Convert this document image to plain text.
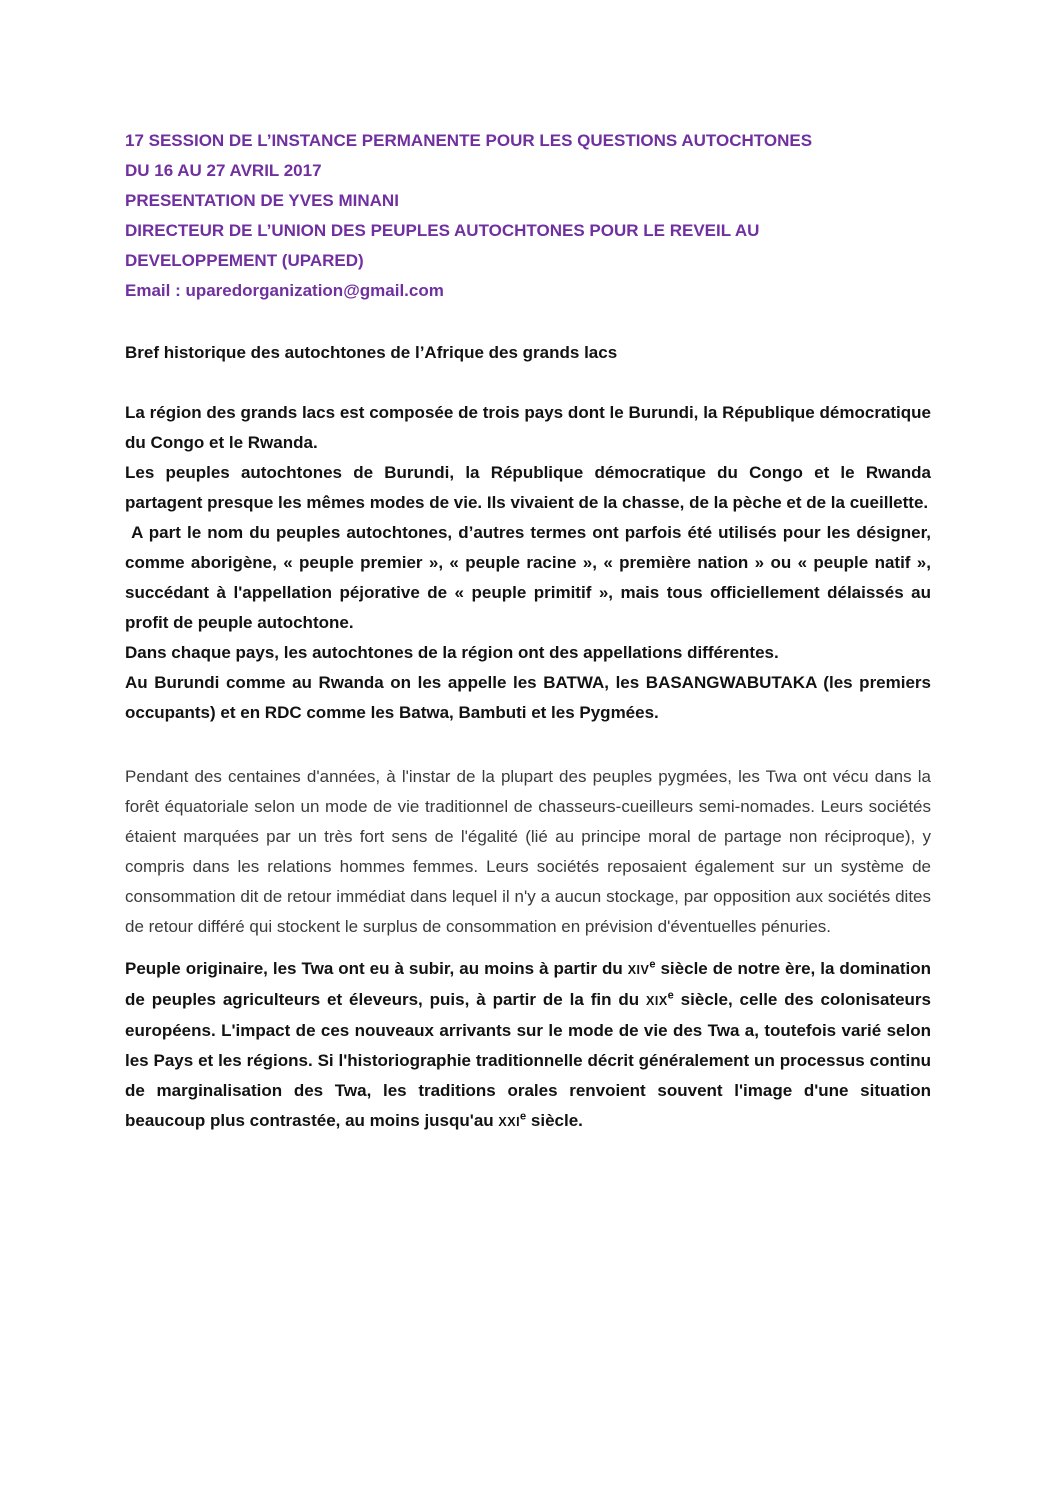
17 SESSION DE L’INSTANCE PERMANENTE POUR LES QUESTIONS AUTOCHTONES

DU 16 AU 27 AVRIL 2017

PRESENTATION DE YVES MINANI

DIRECTEUR DE L’UNION DES PEUPLES AUTOCHTONES POUR LE REVEIL AU

DEVELOPPEMENT (UPARED)

Email : uparedorganization@gmail.com

Bref historique des autochtones de l’Afrique des grands lacs

La région des grands lacs est composée de trois pays dont le Burundi, la République démocratique du Congo et le Rwanda.

Les peuples autochtones de Burundi, la République démocratique du Congo et le Rwanda partagent presque les mêmes modes de vie. Ils vivaient de la chasse, de la pèche et de la cueillette.

A part le nom du peuples autochtones, d’autres termes ont parfois été utilisés pour les désigner, comme aborigène, « peuple premier », « peuple racine », « première nation » ou « peuple natif », succédant à l'appellation péjorative de « peuple primitif », mais tous officiellement délaissés au profit de peuple autochtone.

Dans chaque pays, les autochtones de la région ont des appellations différentes.

Au Burundi comme au Rwanda on les appelle les BATWA, les BASANGWABUTAKA (les premiers occupants) et en RDC comme les Batwa, Bambuti et les Pygmées.

Pendant des centaines d'années, à l'instar de la plupart des peuples pygmées, les Twa ont vécu dans la forêt équatoriale selon un mode de vie traditionnel de chasseurs-cueilleurs semi-nomades. Leurs sociétés étaient marquées par un très fort sens de l'égalité (lié au principe moral de partage non réciproque), y compris dans les relations hommes femmes. Leurs sociétés reposaient également sur un système de consommation dit de retour immédiat dans lequel il n'y a aucun stockage, par opposition aux sociétés dites de retour différé qui stockent le surplus de consommation en prévision d'éventuelles pénuries.

Peuple originaire, les Twa ont eu à subir, au moins à partir du XIVe siècle de notre ère, la domination de peuples agriculteurs et éleveurs, puis, à partir de la fin du XIXe siècle, celle des colonisateurs européens. L'impact de ces nouveaux arrivants sur le mode de vie des Twa a, toutefois varié selon les Pays et les régions. Si l'historiographie traditionnelle décrit généralement un processus continu de marginalisation des Twa, les traditions orales renvoient souvent l'image d'une situation beaucoup plus contrastée, au moins jusqu'au XXIe siècle.
